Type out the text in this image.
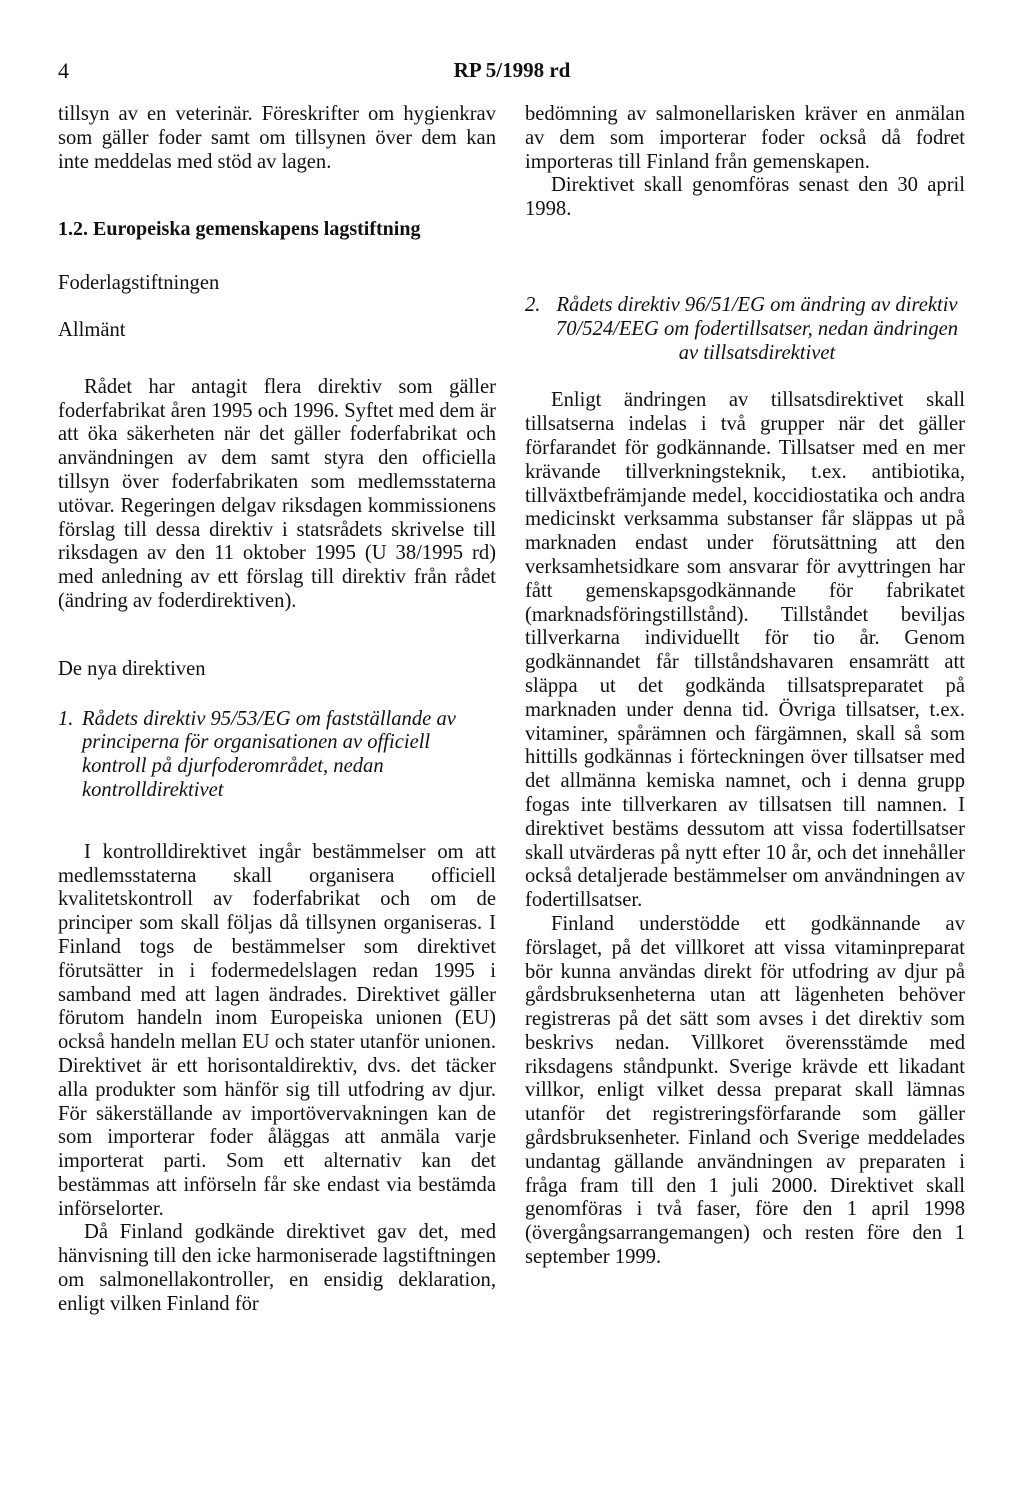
4	RP 5/1998 rd

tillsyn av en veterinär. Föreskrifter om hygienkrav som gäller foder samt om tillsynen över dem kan inte meddelas med stöd av lagen.

1.2. Europeiska gemenskapens lagstiftning

Foderlagstiftningen

Allmänt

Rådet har antagit flera direktiv som gäller foderfabrikat åren 1995 och 1996. Syftet med dem är att öka säkerheten när det gäller foderfabrikat och användningen av dem samt styra den officiella tillsyn över foderfabrikaten som medlemsstaterna utövar. Regeringen delgav riksdagen kommissionens förslag till dessa direktiv i statsrådets skrivelse till riksdagen av den 11 oktober 1995 (U 38/1995 rd) med anledning av ett förslag till direktiv från rådet (ändring av foderdirektiven).

De nya direktiven

1. Rådets direktiv 95/53/EG om fastställande av principerna för organisationen av officiell kontroll på djurfoderområdet, nedan kontrolldirektivet

I kontrolldirektivet ingår bestämmelser om att medlemsstaterna skall organisera officiell kvalitetskontroll av foderfabrikat och om de principer som skall följas då tillsynen organiseras. I Finland togs de bestämmelser som direktivet förutsätter in i fodermedelslagen redan 1995 i samband med att lagen ändrades. Direktivet gäller förutom handeln inom Europeiska unionen (EU) också handeln mellan EU och stater utanför unionen. Direktivet är ett horisontaldirektiv, dvs. det täcker alla produkter som hänför sig till utfodring av djur. För säkerställande av importövervakningen kan de som importerar foder åläggas att anmäla varje importerat parti. Som ett alternativ kan det bestämmas att införseln får ske endast via bestämda införselorter.

Då Finland godkände direktivet gav det, med hänvisning till den icke harmoniserade lagstiftningen om salmonellakontroller, en ensidig deklaration, enligt vilken Finland för

bedömning av salmonellarisken kräver en anmälan av dem som importerar foder också då fodret importeras till Finland från gemenskapen.

Direktivet skall genomföras senast den 30 april 1998.

2. Rådets direktiv 96/51/EG om ändring av direktiv 70/524/EEG om fodertillsatser, nedan ändringen av tillsatsdirektivet

Enligt ändringen av tillsatsdirektivet skall tillsatserna indelas i två grupper när det gäller förfarandet för godkännande. Tillsatser med en mer krävande tillverkningsteknik, t.ex. antibiotika, tillväxtbefrämjande medel, koccidiostatika och andra medicinskt verksamma substanser får släppas ut på marknaden endast under förutsättning att den verksamhetsidkare som ansvarar för avyttringen har fått gemenskapsgodkännande för fabrikatet (marknadsföringstillstånd). Tillståndet beviljas tillverkarna individuellt för tio år. Genom godkännandet får tillståndshavaren ensamrätt att släppa ut det godkända tillsatspreparatet på marknaden under denna tid. Övriga tillsatser, t.ex. vitaminer, spårämnen och färgämnen, skall så som hittills godkännas i förteckningen över tillsatser med det allmänna kemiska namnet, och i denna grupp fogas inte tillverkaren av tillsatsen till namnen. I direktivet bestäms dessutom att vissa fodertillsatser skall utvärderas på nytt efter 10 år, och det innehåller också detaljerade bestämmelser om användningen av fodertillsatser.

Finland understödde ett godkännande av förslaget, på det villkoret att vissa vitaminpreparat bör kunna användas direkt för utfodring av djur på gårdsbruksenheterna utan att lägenheten behöver registreras på det sätt som avses i det direktiv som beskrivs nedan. Villkoret överensstämde med riksdagens ståndpunkt. Sverige krävde ett likadant villkor, enligt vilket dessa preparat skall lämnas utanför det registreringsförfarande som gäller gårdsbruksenheter. Finland och Sverige meddelades undantag gällande användningen av preparaten i fråga fram till den 1 juli 2000. Direktivet skall genomföras i två faser, före den 1 april 1998 (övergångsarrangemangen) och resten före den 1 september 1999.
